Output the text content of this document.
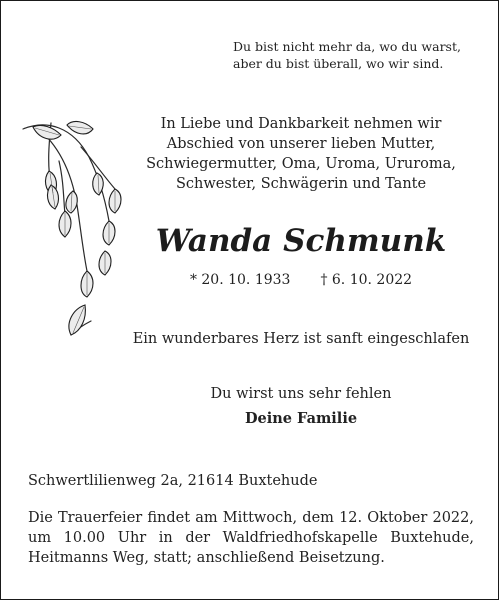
Du bist nicht mehr da, wo du warst,
aber du bist überall, wo wir sind.

In Liebe und Dankbarkeit nehmen wir
Abschied von unserer lieben Mutter,
Schwiegermutter, Oma, Uroma, Ururoma,
Schwester, Schwägerin und Tante

Wanda Schmunk

* 20. 10. 1933 † 6. 10. 2022

Ein wunderbares Herz ist sanft eingeschlafen

Du wirst uns sehr fehlen

Deine Familie

Schwertlilienweg 2a, 21614 Buxtehude

Die Trauerfeier findet am Mittwoch, dem 12. Oktober 2022,
um 10.00 Uhr in der Waldfriedhofskapelle Buxtehude,
Heitmanns Weg, statt; anschließend Beisetzung.
